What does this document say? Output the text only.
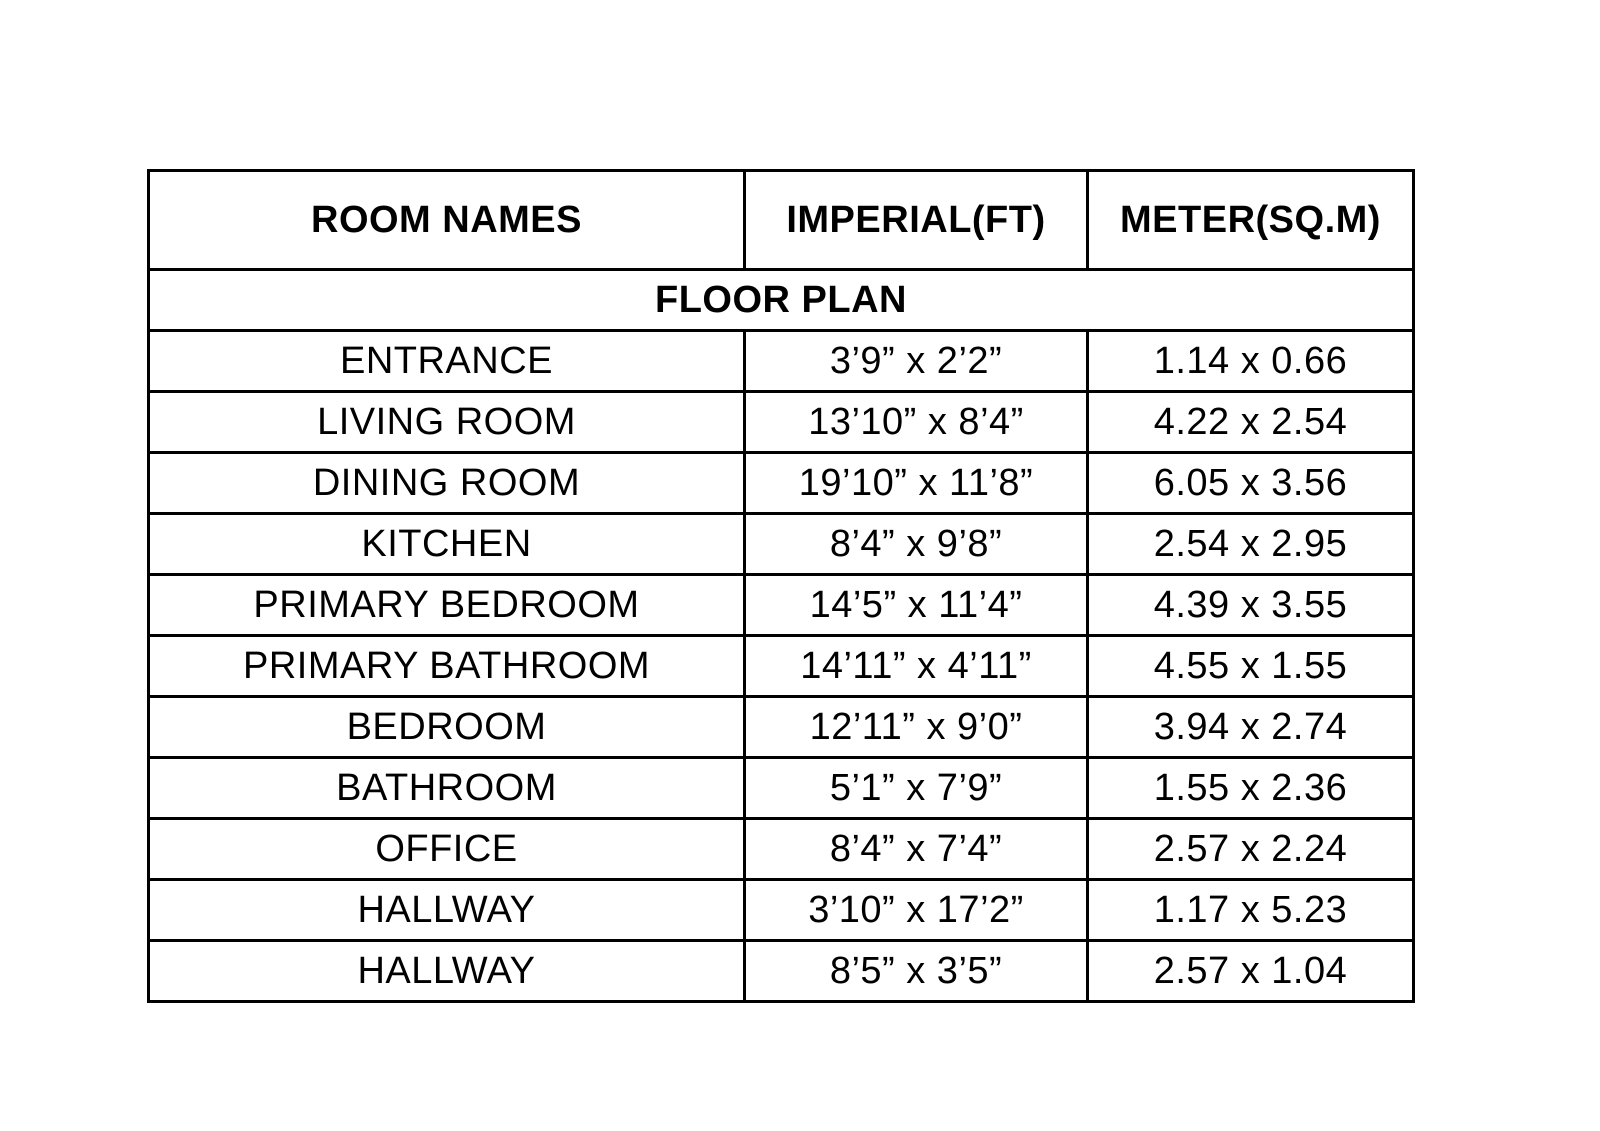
ROOM NAMES	IMPERIAL(FT)	METER(SQ.M)
FLOOR PLAN		
ENTRANCE	3’9” x 2’2”	1.14 x 0.66
LIVING ROOM	13’10” x 8’4”	4.22 x 2.54
DINING ROOM	19’10” x 11’8”	6.05 x 3.56
KITCHEN	8’4” x 9’8”	2.54 x 2.95
PRIMARY BEDROOM	14’5” x 11’4”	4.39 x 3.55
PRIMARY BATHROOM	14’11” x 4’11”	4.55 x 1.55
BEDROOM	12’11” x 9’0”	3.94 x 2.74
BATHROOM	5’1” x 7’9”	1.55 x 2.36
OFFICE	8’4” x 7’4”	2.57 x 2.24
HALLWAY	3’10” x 17’2”	1.17 x 5.23
HALLWAY	8’5” x 3’5”	2.57 x 1.04
